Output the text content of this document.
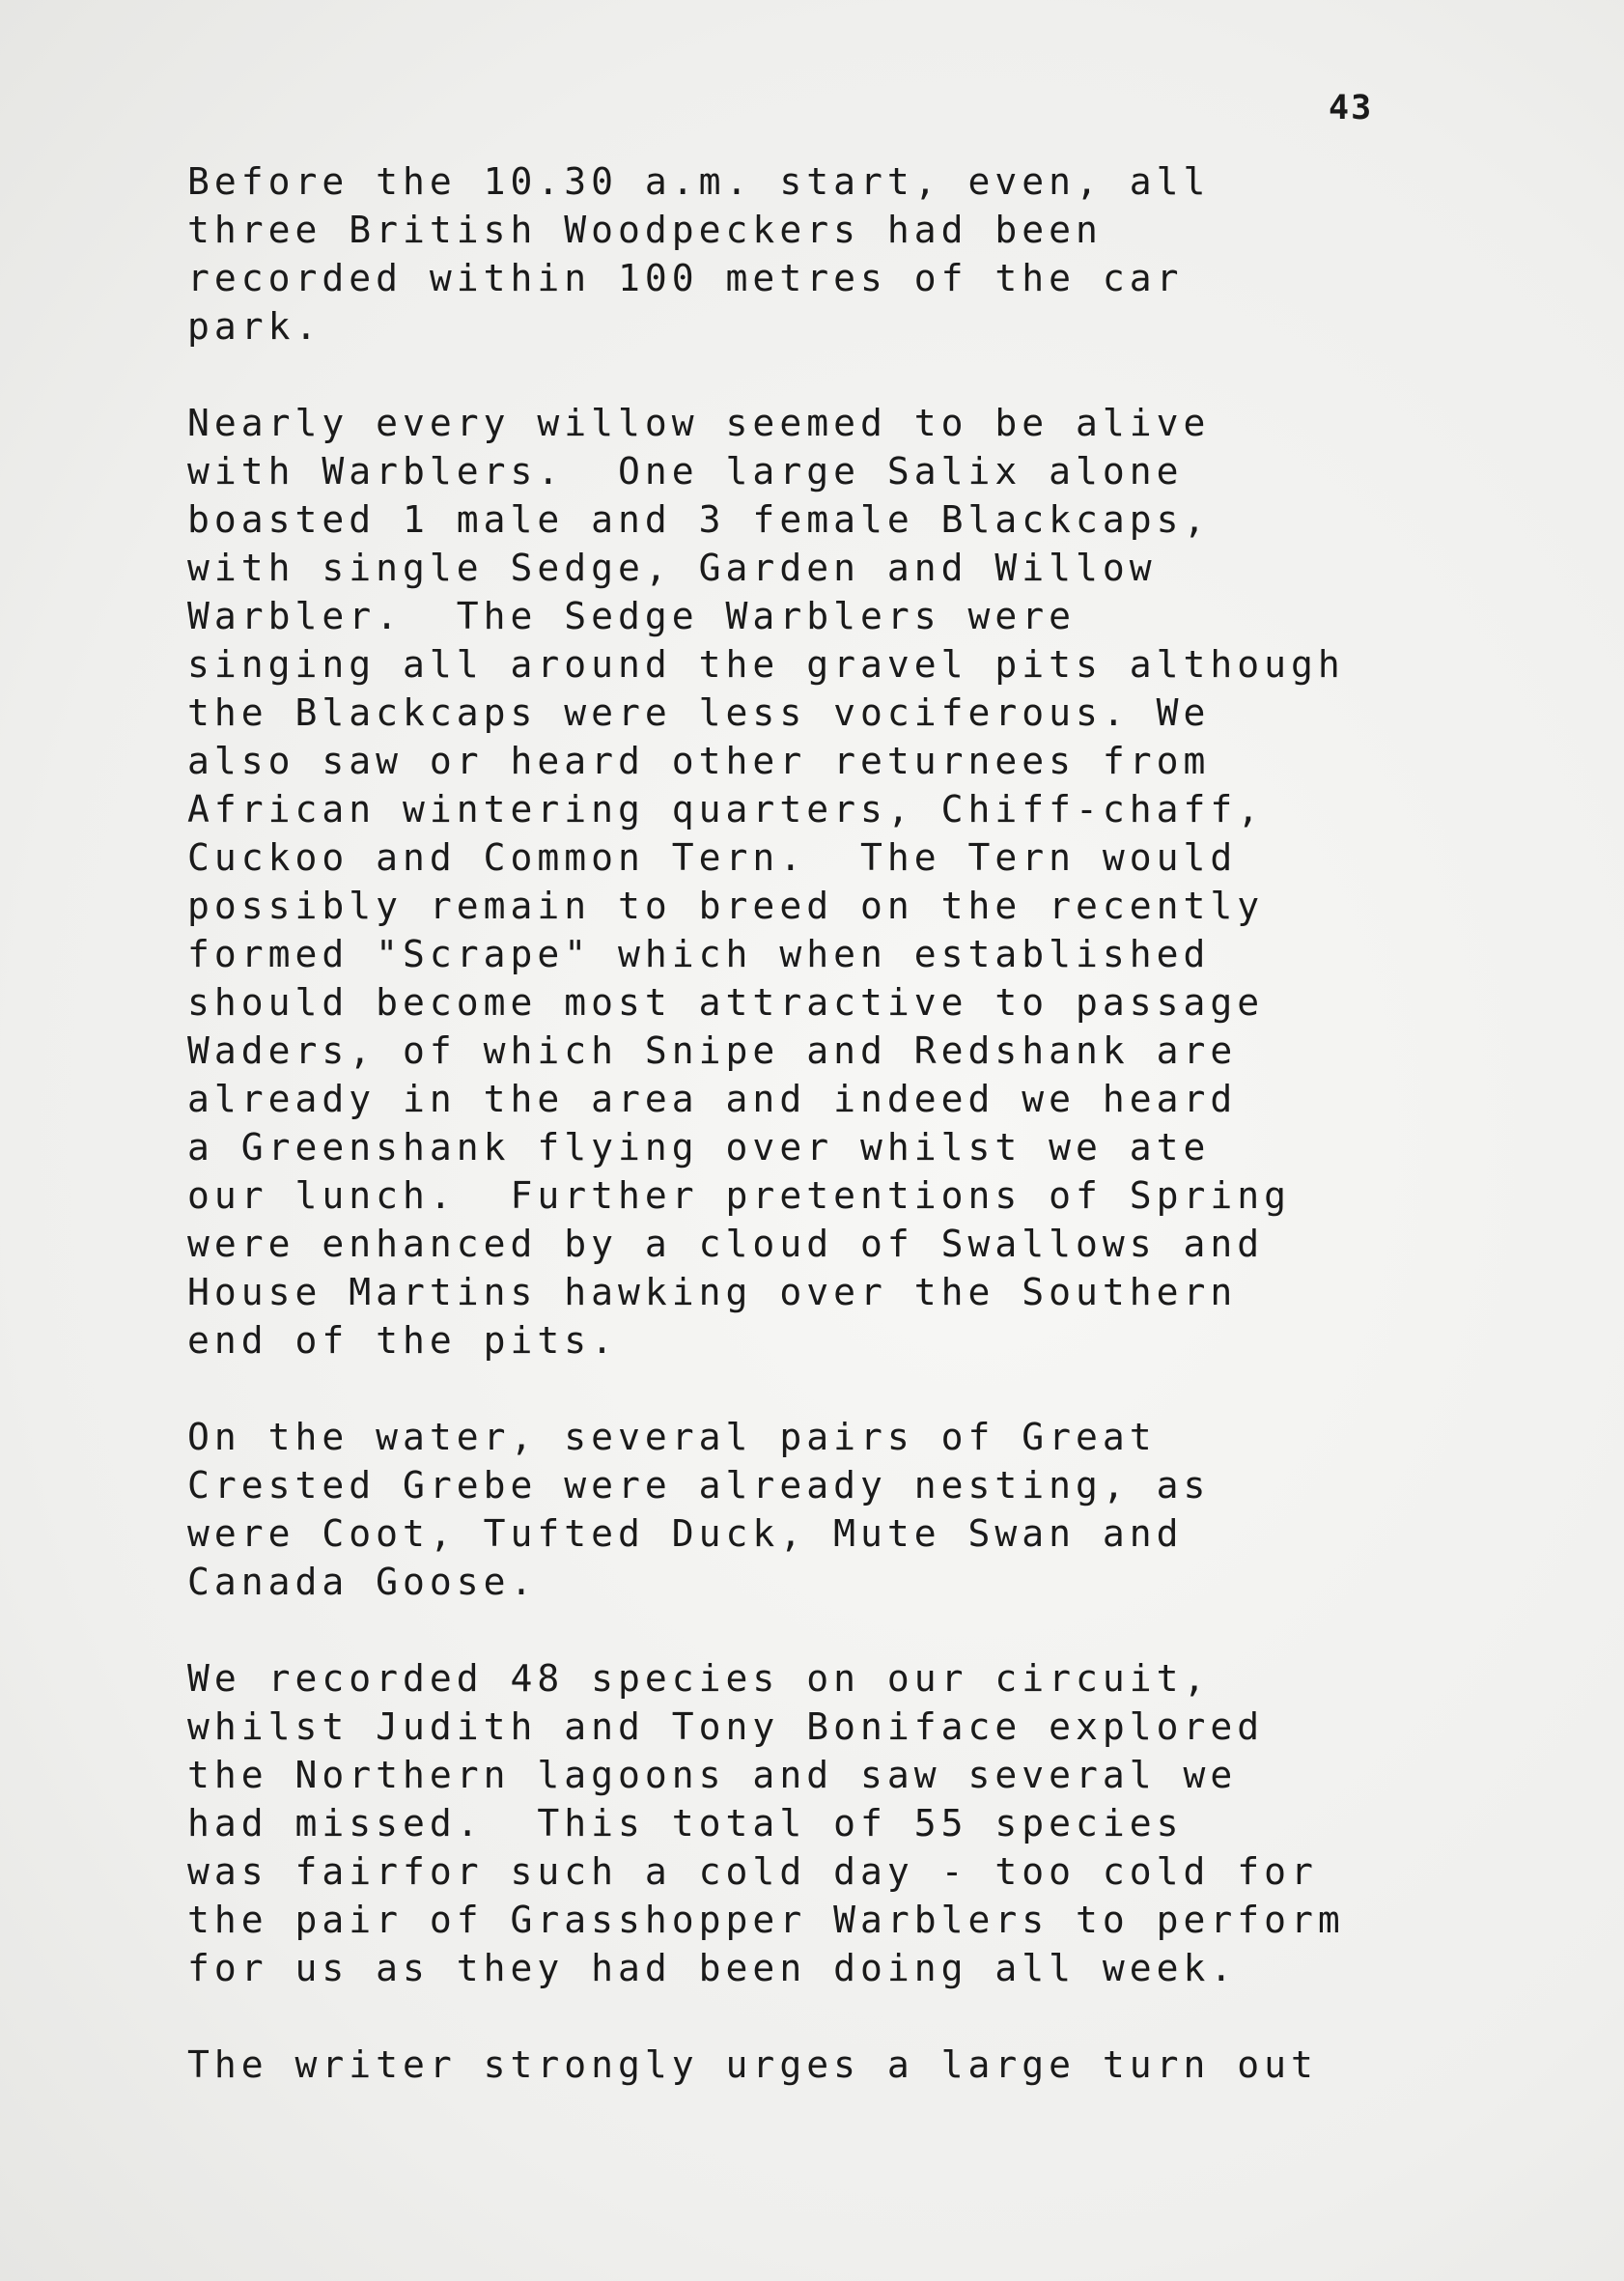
43
Before the 10.30 a.m. start, even, all
three British Woodpeckers had been
recorded within 100 metres of the car
park.
Nearly every willow seemed to be alive
with Warblers.  One large Salix alone
boasted 1 male and 3 female Blackcaps,
with single Sedge, Garden and Willow
Warbler.  The Sedge Warblers were
singing all around the gravel pits although
the Blackcaps were less vociferous. We
also saw or heard other returnees from
African wintering quarters, Chiff-chaff,
Cuckoo and Common Tern.  The Tern would
possibly remain to breed on the recently
formed "Scrape" which when established
should become most attractive to passage
Waders, of which Snipe and Redshank are
already in the area and indeed we heard
a Greenshank flying over whilst we ate
our lunch.  Further pretentions of Spring
were enhanced by a cloud of Swallows and
House Martins hawking over the Southern
end of the pits.
On the water, several pairs of Great
Crested Grebe were already nesting, as
were Coot, Tufted Duck, Mute Swan and
Canada Goose.
We recorded 48 species on our circuit,
whilst Judith and Tony Boniface explored
the Northern lagoons and saw several we
had missed.  This total of 55 species
was fairfor such a cold day - too cold for
the pair of Grasshopper Warblers to perform
for us as they had been doing all week.
The writer strongly urges a large turn out
